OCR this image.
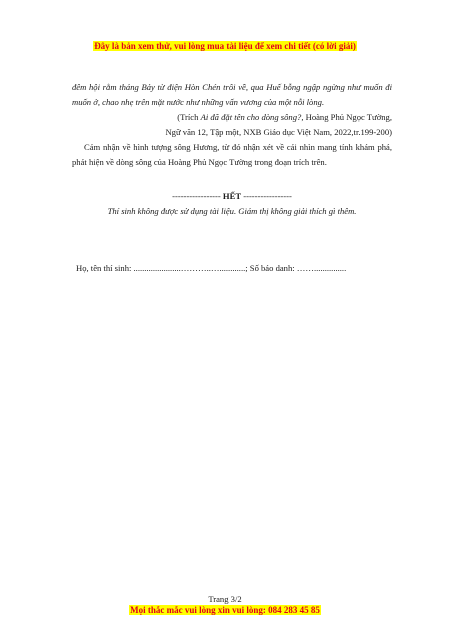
Đây là bản xem thử, vui lòng mua tài liệu để xem chi tiết (có lời giải)

đêm hội rằm tháng Bảy từ điện Hòn Chén trôi về, qua Huế bỗng ngập ngừng như muốn đi muốn ở, chao nhẹ trên mặt nước như những vấn vương của một nỗi lòng.

(Trích Ai đã đặt tên cho dòng sông?, Hoàng Phủ Ngọc Tường,
Ngữ văn 12, Tập một, NXB Giáo dục Việt Nam, 2022,tr.199-200)

Cảm nhận về hình tượng sông Hương, từ đó nhận xét về cái nhìn mang tính khám phá, phát hiện về dòng sông của Hoàng Phủ Ngọc Tường trong đoạn trích trên.

----------------- HẾT -----------------

Thí sinh không được sử dụng tài liệu. Giám thị không giải thích gì thêm.

Họ, tên thí sinh: ......................………..…............; Số báo danh: ……...............
Trang 3/2
Mọi thắc mắc vui lòng xin vui lòng: 084 283 45 85
